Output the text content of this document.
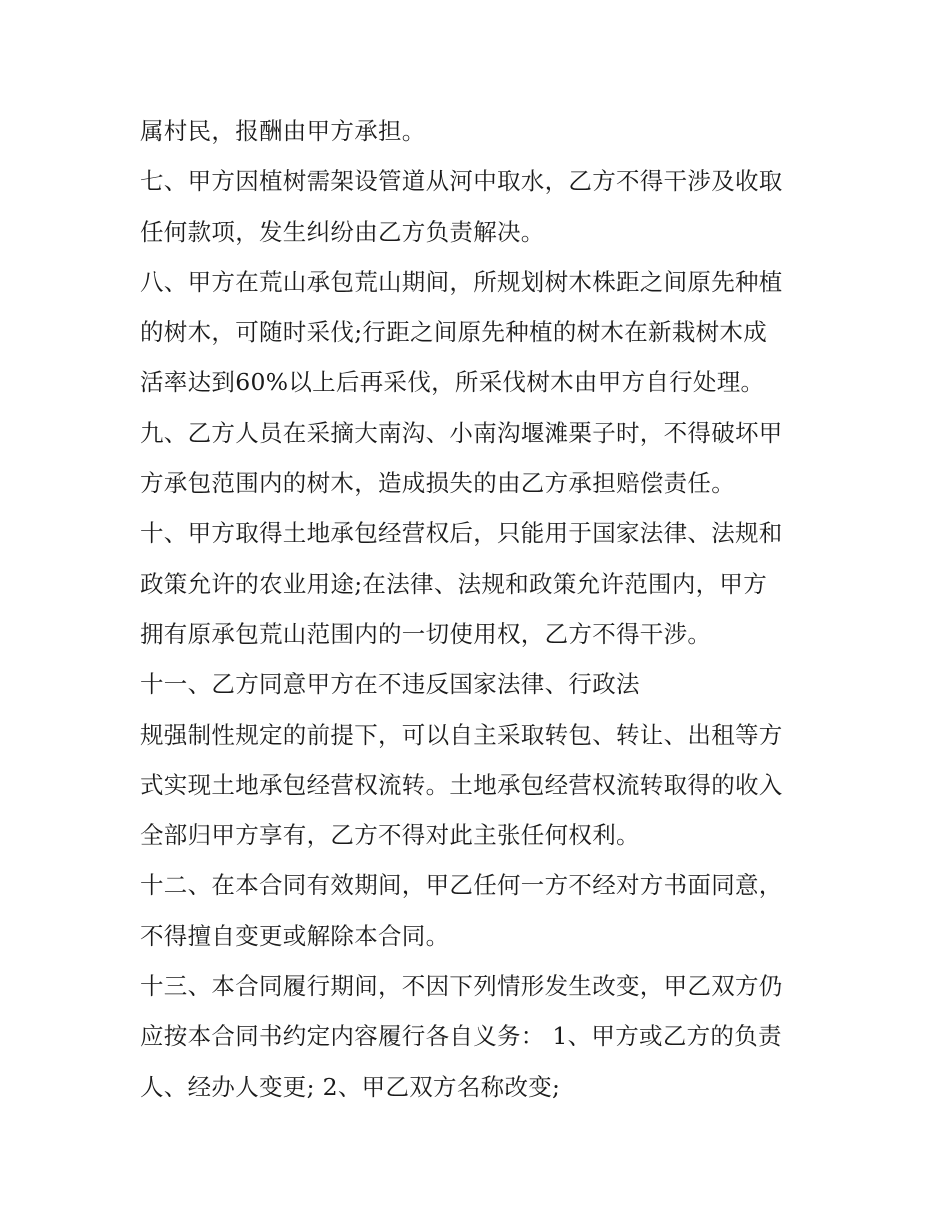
属村民，报酬由甲方承担。
七、甲方因植树需架设管道从河中取水，乙方不得干涉及收取
任何款项，发生纠纷由乙方负责解决。
八、甲方在荒山承包荒山期间，所规划树木株距之间原先种植
的树木，可随时采伐;行距之间原先种植的树木在新栽树木成
活率达到60%以上后再采伐，所采伐树木由甲方自行处理。
九、乙方人员在采摘大南沟、小南沟堰滩栗子时，不得破坏甲
方承包范围内的树木，造成损失的由乙方承担赔偿责任。
十、甲方取得土地承包经营权后，只能用于国家法律、法规和
政策允许的农业用途;在法律、法规和政策允许范围内，甲方
拥有原承包荒山范围内的一切使用权，乙方不得干涉。
十一、乙方同意甲方在不违反国家法律、行政法
规强制性规定的前提下，可以自主采取转包、转让、出租等方
式实现土地承包经营权流转。土地承包经营权流转取得的收入
全部归甲方享有，乙方不得对此主张任何权利。
十二、在本合同有效期间，甲乙任何一方不经对方书面同意，
不得擅自变更或解除本合同。
十三、本合同履行期间，不因下列情形发生改变，甲乙双方仍
应按本合同书约定内容履行各自义务： 1、甲方或乙方的负责
人、经办人变更; 2、甲乙双方名称改变;
